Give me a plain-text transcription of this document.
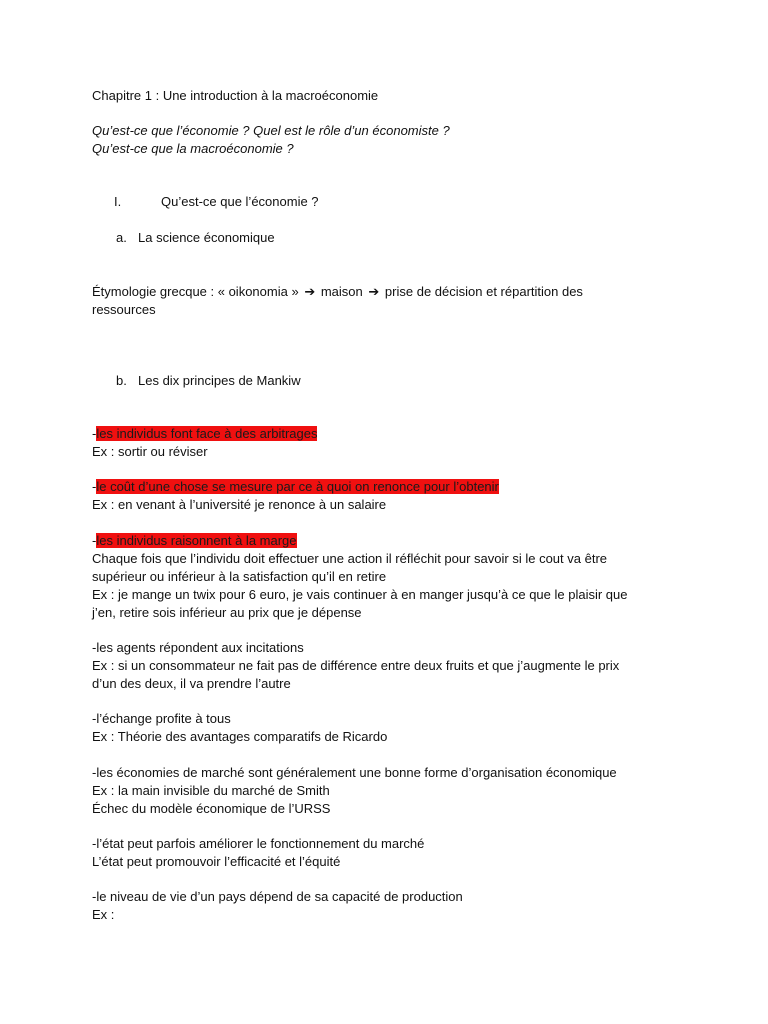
Chapitre 1 : Une introduction à la macroéconomie
Qu’est-ce que l’économie ? Quel est le rôle d’un économiste ?
Qu’est-ce que la macroéconomie ?
I.	Qu’est-ce que l’économie ?
a. La science économique
Étymologie grecque : « oikonomia » ➔ maison ➔ prise de décision et répartition des
ressources
b. Les dix principes de Mankiw
-les individus font face à des arbitrages
Ex : sortir ou réviser
-le coût d’une chose se mesure par ce à quoi on renonce pour l’obtenir
Ex : en venant à l’université je renonce à un salaire
-les individus raisonnent à la marge
Chaque fois que l’individu doit effectuer une action il réfléchit pour savoir si le cout va être
supérieur ou inférieur à la satisfaction qu’il en retire
Ex : je mange un twix pour 6 euro, je vais continuer à en manger jusqu’à ce que le plaisir que
j’en, retire sois inférieur au prix que je dépense
-les agents répondent aux incitations
Ex : si un consommateur ne fait pas de différence entre deux fruits et que j’augmente le prix
d’un des deux, il va prendre l’autre
-l’échange profite à tous
Ex : Théorie des avantages comparatifs de Ricardo
-les économies de marché sont généralement une bonne forme d’organisation économique
Ex : la main invisible du marché de Smith
Échec du modèle économique de l’URSS
-l’état peut parfois améliorer le fonctionnement du marché
L’état peut promouvoir l’efficacité et l’équité
-le niveau de vie d’un pays dépend de sa capacité de production
Ex :
